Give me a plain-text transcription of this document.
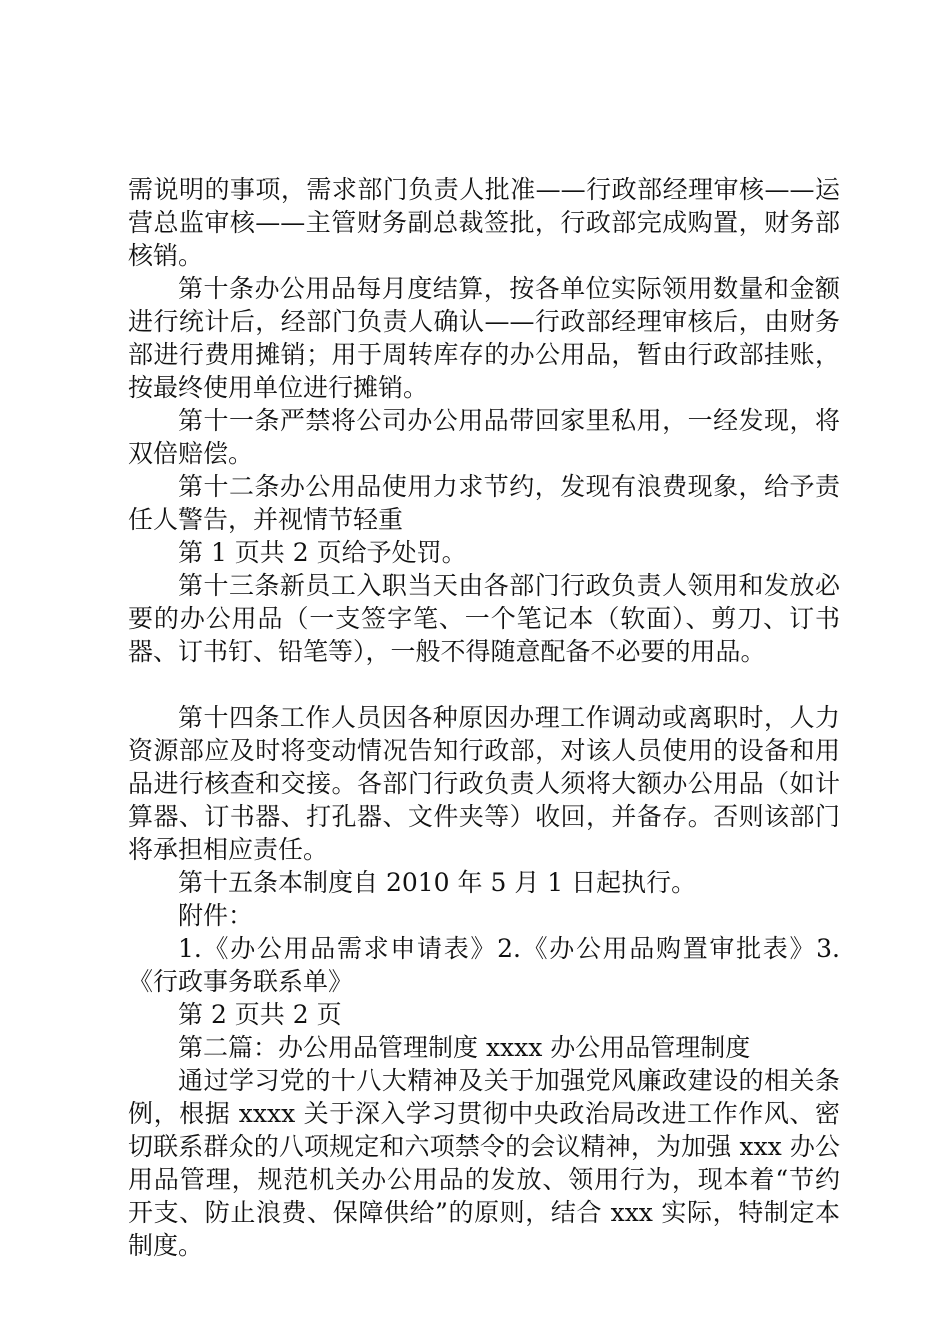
需说明的事项，需求部门负责人批准——行政部经理审核——运营总监审核——主管财务副总裁签批，行政部完成购置，财务部核销。

第十条办公用品每月度结算，按各单位实际领用数量和金额进行统计后，经部门负责人确认——行政部经理审核后，由财务部进行费用摊销；用于周转库存的办公用品，暂由行政部挂账，按最终使用单位进行摊销。

第十一条严禁将公司办公用品带回家里私用，一经发现，将双倍赔偿。

第十二条办公用品使用力求节约，发现有浪费现象，给予责任人警告，并视情节轻重

第 1 页共 2 页给予处罚。

第十三条新员工入职当天由各部门行政负责人领用和发放必要的办公用品（一支签字笔、一个笔记本（软面）、剪刀、订书器、订书钉、铅笔等），一般不得随意配备不必要的用品。

第十四条工作人员因各种原因办理工作调动或离职时，人力资源部应及时将变动情况告知行政部，对该人员使用的设备和用品进行核查和交接。各部门行政负责人须将大额办公用品（如计算器、订书器、打孔器、文件夹等）收回，并备存。否则该部门将承担相应责任。

第十五条本制度自 2010 年 5 月 1 日起执行。

附件：

1.《办公用品需求申请表》2.《办公用品购置审批表》3.《行政事务联系单》

第 2 页共 2 页

第二篇：办公用品管理制度 xxxx 办公用品管理制度

通过学习党的十八大精神及关于加强党风廉政建设的相关条例，根据 xxxx 关于深入学习贯彻中央政治局改进工作作风、密切联系群众的八项规定和六项禁令的会议精神，为加强 xxx 办公用品管理，规范机关办公用品的发放、领用行为，现本着“节约开支、防止浪费、保障供给”的原则，结合 xxx 实际，特制定本制度。
